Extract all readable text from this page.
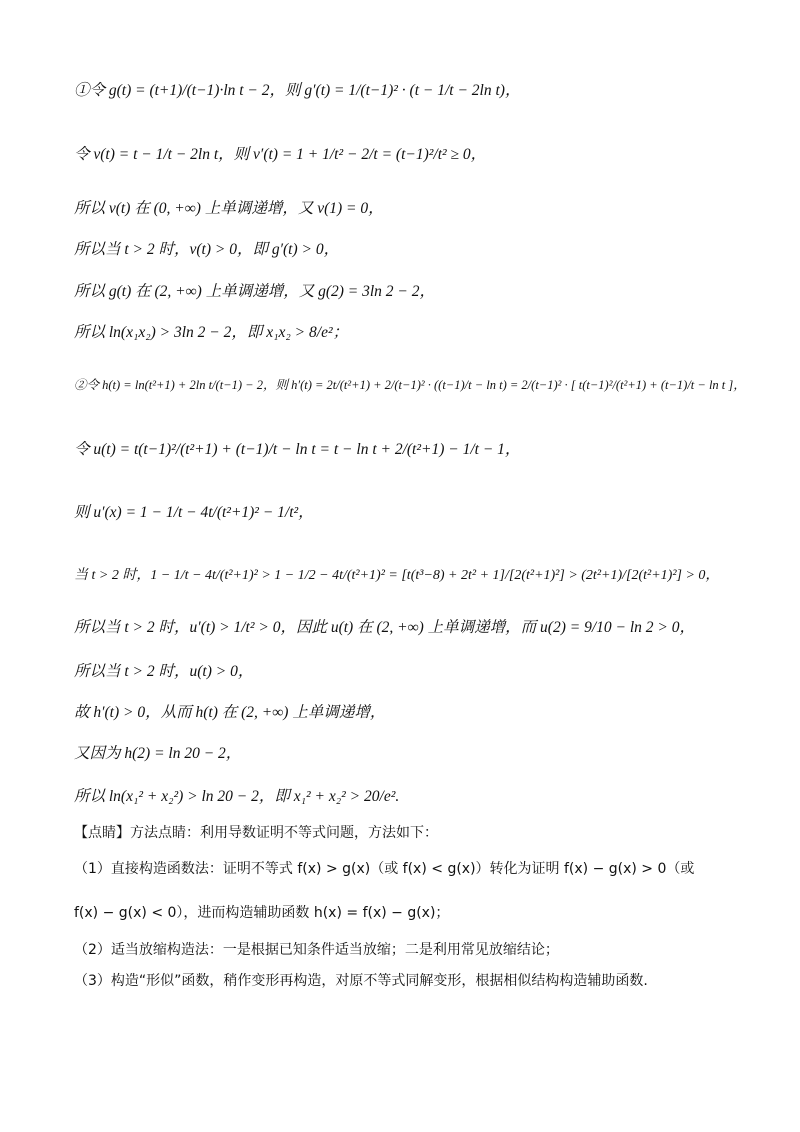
①令 g(t) = (t+1)/(t−1)·ln t − 2，则 g′(t) = 1/(t−1)² · (t − 1/t − 2ln t)，
令 v(t) = t − 1/t − 2ln t，则 v′(t) = 1 + 1/t² − 2/t = (t−1)²/t² ≥ 0，
所以 v(t) 在 (0, +∞) 上单调递增，又 v(1) = 0，
所以当 t > 2 时，v(t) > 0，即 g′(t) > 0，
所以 g(t) 在 (2, +∞) 上单调递增，又 g(2) = 3ln 2 − 2，
所以 ln(x₁x₂) > 3ln 2 − 2，即 x₁x₂ > 8/e²；
②令 h(t) = ln(t²+1) + 2ln t/(t−1) − 2，则 h′(t) = 2t/(t²+1) + 2/(t−1)² · ((t−1)/t − ln t) = 2/(t−1)² · [ t(t−1)²/(t²+1) + (t−1)/t − ln t ]，
令 u(t) = t(t−1)²/(t²+1) + (t−1)/t − ln t = t − ln t + 2/(t²+1) − 1/t − 1，
则 u′(x) = 1 − 1/t − 4t/(t²+1)² − 1/t²，
当 t > 2 时，1 − 1/t − 4t/(t²+1)² > 1 − 1/2 − 4t/(t²+1)² = [t(t³−8) + 2t² + 1]/[2(t²+1)²] > (2t²+1)/[2(t²+1)²] > 0，
所以当 t > 2 时，u′(t) > 1/t² > 0，因此 u(t) 在 (2, +∞) 上单调递增，而 u(2) = 9/10 − ln 2 > 0，
所以当 t > 2 时，u(t) > 0，
故 h′(t) > 0，从而 h(t) 在 (2, +∞) 上单调递增，
又因为 h(2) = ln 20 − 2，
所以 ln(x₁² + x₂²) > ln 20 − 2，即 x₁² + x₂² > 20/e².
【点睛】方法点睛：利用导数证明不等式问题，方法如下：
（1）直接构造函数法：证明不等式 f(x) > g(x)（或 f(x) < g(x)）转化为证明 f(x) − g(x) > 0（或
f(x) − g(x) < 0），进而构造辅助函数 h(x) = f(x) − g(x)；
（2）适当放缩构造法：一是根据已知条件适当放缩；二是利用常见放缩结论；
（3）构造“形似”函数，稍作变形再构造，对原不等式同解变形，根据相似结构构造辅助函数.
